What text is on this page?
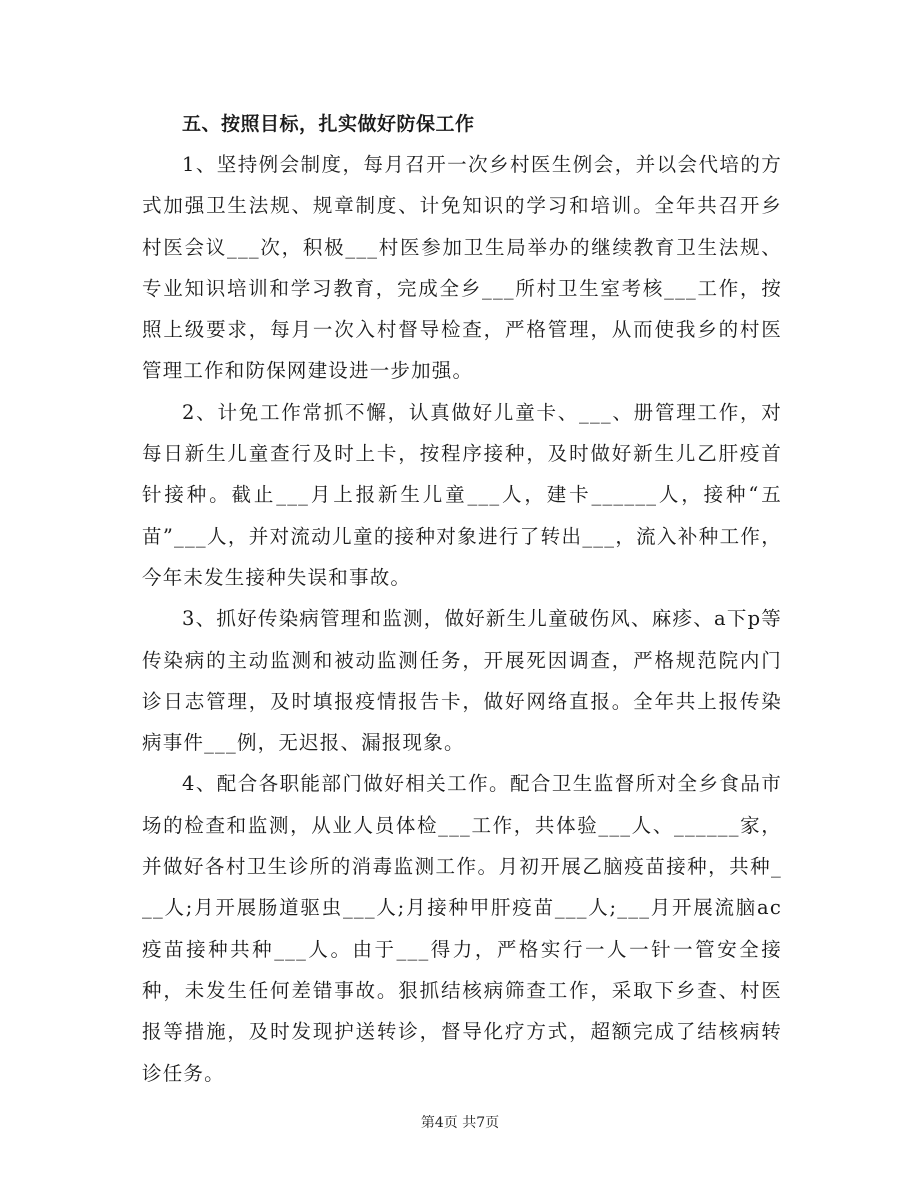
五、按照目标，扎实做好防保工作

1、坚持例会制度，每月召开一次乡村医生例会，并以会代培的方式加强卫生法规、规章制度、计免知识的学习和培训。全年共召开乡村医会议___次，积极___村医参加卫生局举办的继续教育卫生法规、专业知识培训和学习教育，完成全乡___所村卫生室考核___工作，按照上级要求，每月一次入村督导检查，严格管理，从而使我乡的村医管理工作和防保网建设进一步加强。

2、计免工作常抓不懈，认真做好儿童卡、___、册管理工作，对每日新生儿童查行及时上卡，按程序接种，及时做好新生儿乙肝疫首针接种。截止___月上报新生儿童___人，建卡______人，接种“五苗”___人，并对流动儿童的接种对象进行了转出___，流入补种工作，今年未发生接种失误和事故。

3、抓好传染病管理和监测，做好新生儿童破伤风、麻疹、a下p等传染病的主动监测和被动监测任务，开展死因调查，严格规范院内门诊日志管理，及时填报疫情报告卡，做好网络直报。全年共上报传染病事件___例，无迟报、漏报现象。

4、配合各职能部门做好相关工作。配合卫生监督所对全乡食品市场的检查和监测，从业人员体检___工作，共体验___人、______家，并做好各村卫生诊所的消毒监测工作。月初开展乙脑疫苗接种，共种___人;月开展肠道驱虫___人;月接种甲肝疫苗___人;___月开展流脑ac疫苗接种共种___人。由于___得力，严格实行一人一针一管安全接种，未发生任何差错事故。狠抓结核病筛查工作，采取下乡查、村医报等措施，及时发现护送转诊，督导化疗方式，超额完成了结核病转诊任务。

第4页 共7页
